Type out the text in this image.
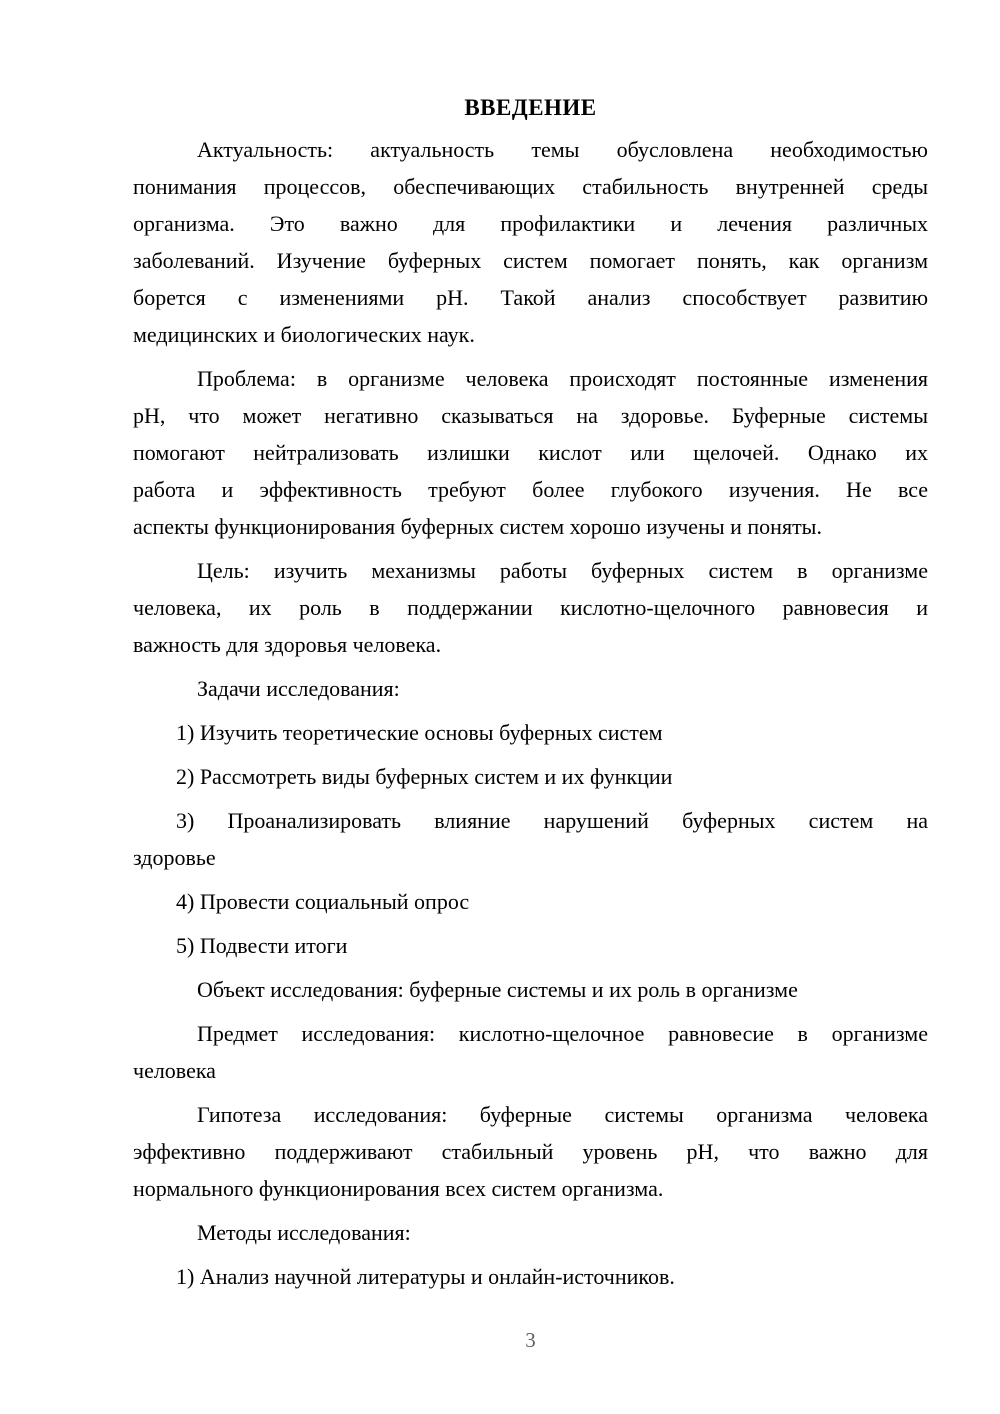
ВВЕДЕНИЕ

Актуальность: актуальность темы обусловлена необходимостью
понимания процессов, обеспечивающих стабильность внутренней среды
организма. Это важно для профилактики и лечения различных
заболеваний. Изучение буферных систем помогает понять, как организм
борется с изменениями pH. Такой анализ способствует развитию
медицинских и биологических наук.

Проблема: в организме человека происходят постоянные изменения
pH, что может негативно сказываться на здоровье. Буферные системы
помогают нейтрализовать излишки кислот или щелочей. Однако их
работа и эффективность требуют более глубокого изучения. Не все
аспекты функционирования буферных систем хорошо изучены и поняты.

Цель: изучить механизмы работы буферных систем в организме
человека, их роль в поддержании кислотно-щелочного равновесия и
важность для здоровья человека.

Задачи исследования:

1) Изучить теоретические основы буферных систем

2) Рассмотреть виды буферных систем и их функции

3) Проанализировать влияние нарушений буферных систем на
здоровье

4) Провести социальный опрос

5) Подвести итоги

Объект исследования: буферные системы и их роль в организме

Предмет исследования: кислотно-щелочное равновесие в организме
человека

Гипотеза исследования: буферные системы организма человека
эффективно поддерживают стабильный уровень pH, что важно для
нормального функционирования всех систем организма.

Методы исследования:

1) Анализ научной литературы и онлайн-источников.

3
